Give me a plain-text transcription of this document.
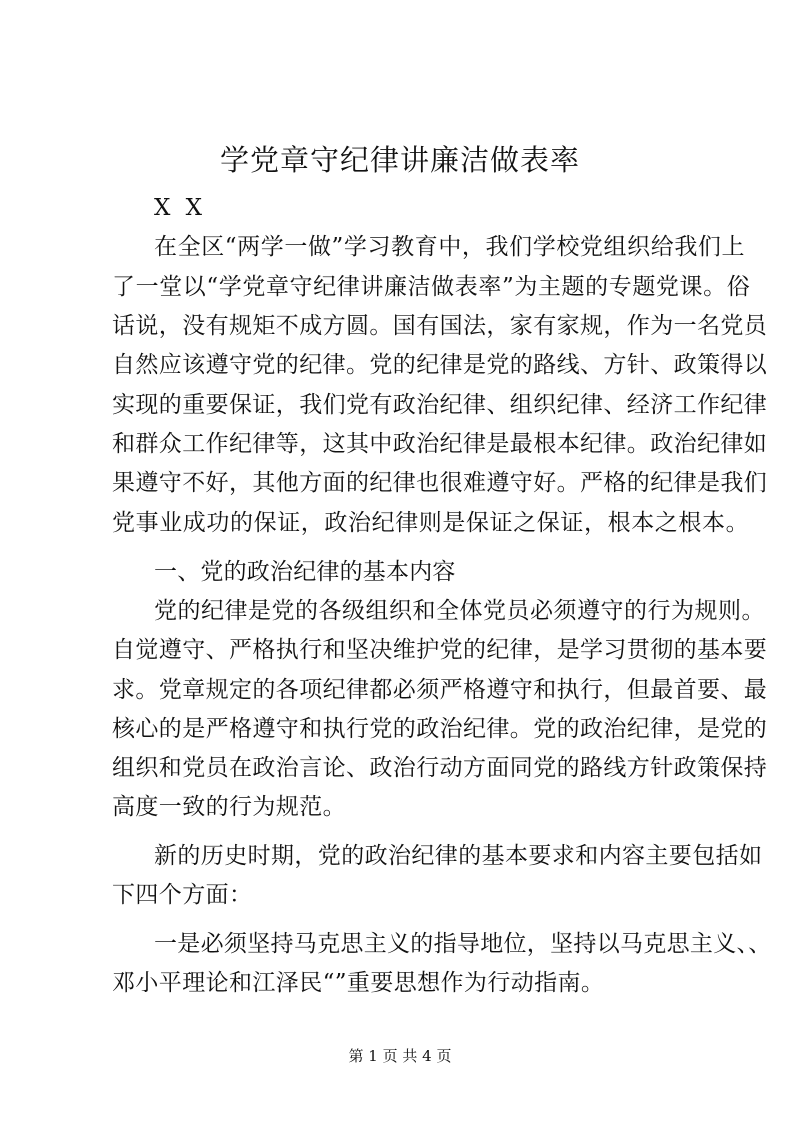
学党章守纪律讲廉洁做表率
X X
在全区“两学一做”学习教育中，我们学校党组织给我们上
了一堂以“学党章守纪律讲廉洁做表率”为主题的专题党课。俗
话说，没有规矩不成方圆。国有国法，家有家规，作为一名党员
自然应该遵守党的纪律。党的纪律是党的路线、方针、政策得以
实现的重要保证，我们党有政治纪律、组织纪律、经济工作纪律
和群众工作纪律等，这其中政治纪律是最根本纪律。政治纪律如
果遵守不好，其他方面的纪律也很难遵守好。严格的纪律是我们
党事业成功的保证，政治纪律则是保证之保证，根本之根本。
一、党的政治纪律的基本内容
党的纪律是党的各级组织和全体党员必须遵守的行为规则。
自觉遵守、严格执行和坚决维护党的纪律，是学习贯彻的基本要
求。党章规定的各项纪律都必须严格遵守和执行，但最首要、最
核心的是严格遵守和执行党的政治纪律。党的政治纪律，是党的
组织和党员在政治言论、政治行动方面同党的路线方针政策保持
高度一致的行为规范。
新的历史时期，党的政治纪律的基本要求和内容主要包括如
下四个方面：
一是必须坚持马克思主义的指导地位，坚持以马克思主义、、
邓小平理论和江泽民“”重要思想作为行动指南。
第 1 页 共 4 页
